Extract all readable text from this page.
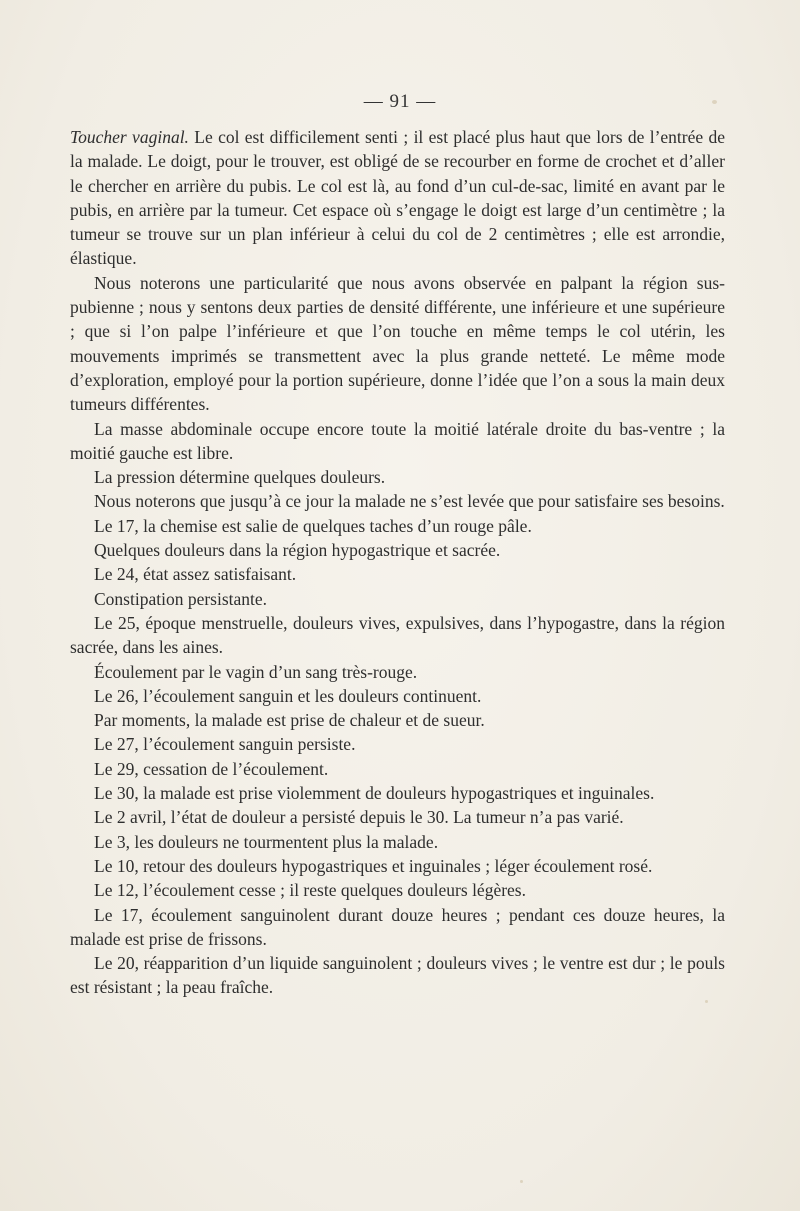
— 91 —

Toucher vaginal. Le col est difficilement senti ; il est placé plus haut que lors de l’entrée de la malade. Le doigt, pour le trouver, est obligé de se recourber en forme de crochet et d’aller le chercher en arrière du pubis. Le col est là, au fond d’un cul-de-sac, limité en avant par le pubis, en arrière par la tumeur. Cet espace où s’engage le doigt est large d’un centimètre ; la tumeur se trouve sur un plan inférieur à celui du col de 2 centimètres ; elle est arrondie, élastique.

Nous noterons une particularité que nous avons observée en palpant la région sus-pubienne ; nous y sentons deux parties de densité différente, une inférieure et une supérieure ; que si l’on palpe l’inférieure et que l’on touche en même temps le col utérin, les mouvements imprimés se transmettent avec la plus grande netteté. Le même mode d’exploration, employé pour la portion supérieure, donne l’idée que l’on a sous la main deux tumeurs différentes.

La masse abdominale occupe encore toute la moitié latérale droite du bas-ventre ; la moitié gauche est libre.

La pression détermine quelques douleurs.

Nous noterons que jusqu’à ce jour la malade ne s’est levée que pour satisfaire ses besoins.

Le 17, la chemise est salie de quelques taches d’un rouge pâle.

Quelques douleurs dans la région hypogastrique et sacrée.

Le 24, état assez satisfaisant.

Constipation persistante.

Le 25, époque menstruelle, douleurs vives, expulsives, dans l’hypogastre, dans la région sacrée, dans les aines.

Écoulement par le vagin d’un sang très-rouge.

Le 26, l’écoulement sanguin et les douleurs continuent.

Par moments, la malade est prise de chaleur et de sueur.

Le 27, l’écoulement sanguin persiste.

Le 29, cessation de l’écoulement.

Le 30, la malade est prise violemment de douleurs hypogastriques et inguinales.

Le 2 avril, l’état de douleur a persisté depuis le 30. La tumeur n’a pas varié.

Le 3, les douleurs ne tourmentent plus la malade.

Le 10, retour des douleurs hypogastriques et inguinales ; léger écoulement rosé.

Le 12, l’écoulement cesse ; il reste quelques douleurs légères.

Le 17, écoulement sanguinolent durant douze heures ; pendant ces douze heures, la malade est prise de frissons.

Le 20, réapparition d’un liquide sanguinolent ; douleurs vives ; le ventre est dur ; le pouls est résistant ; la peau fraîche.
